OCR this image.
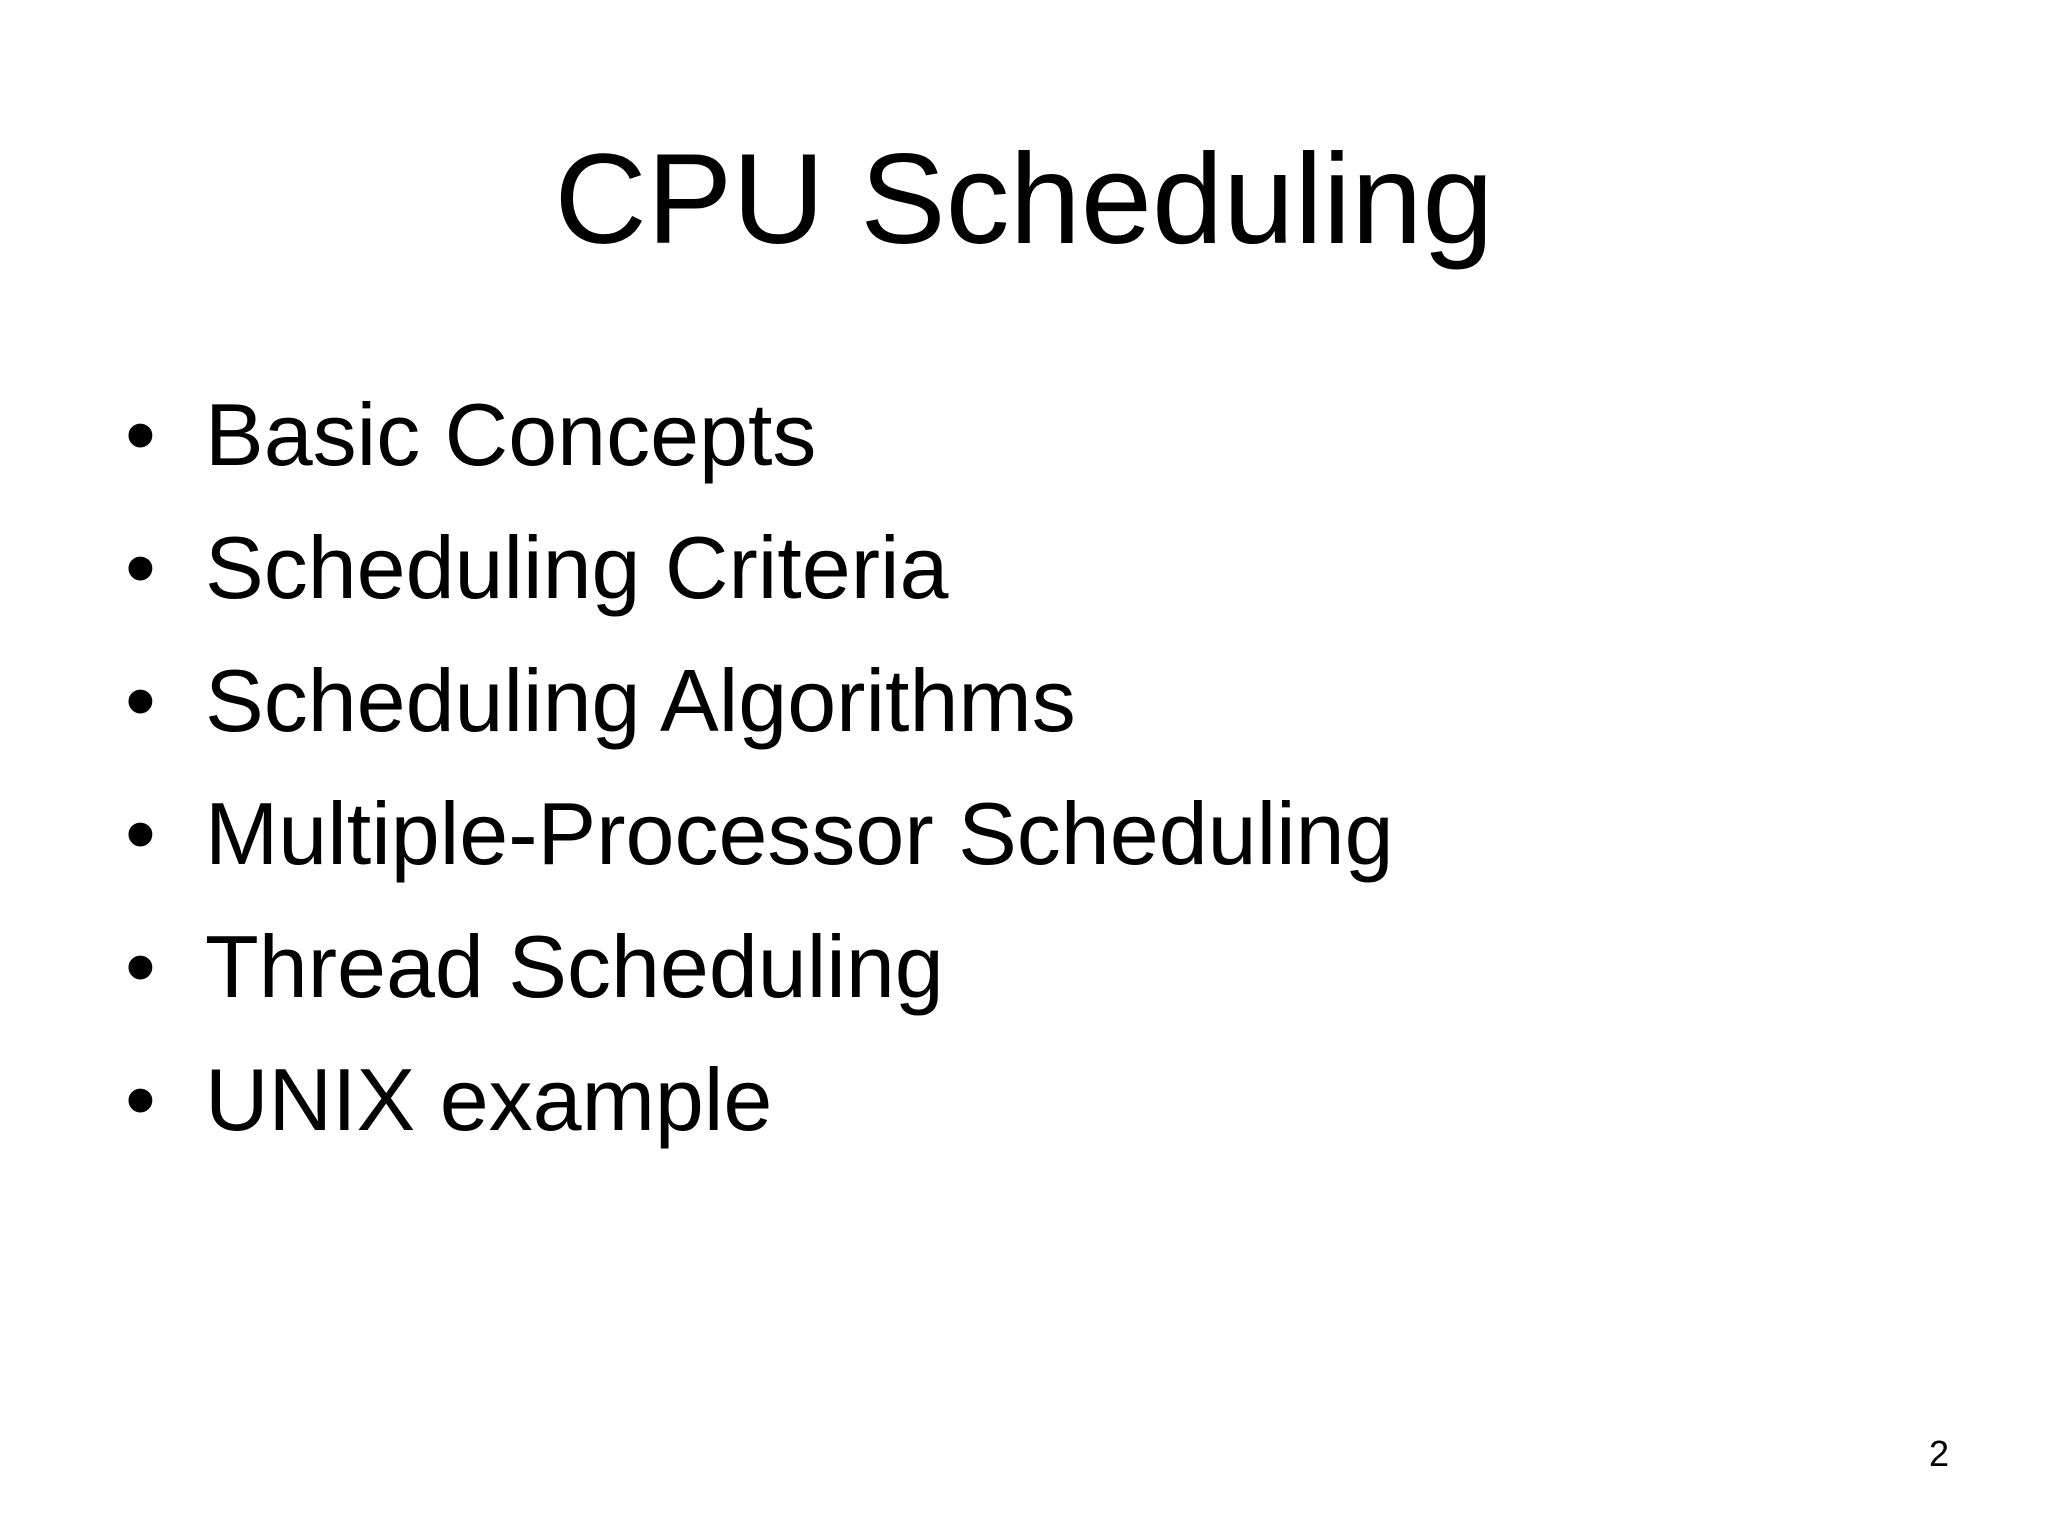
CPU Scheduling
• Basic Concepts
• Scheduling Criteria
• Scheduling Algorithms
• Multiple-Processor Scheduling
• Thread Scheduling
• UNIX example
2
